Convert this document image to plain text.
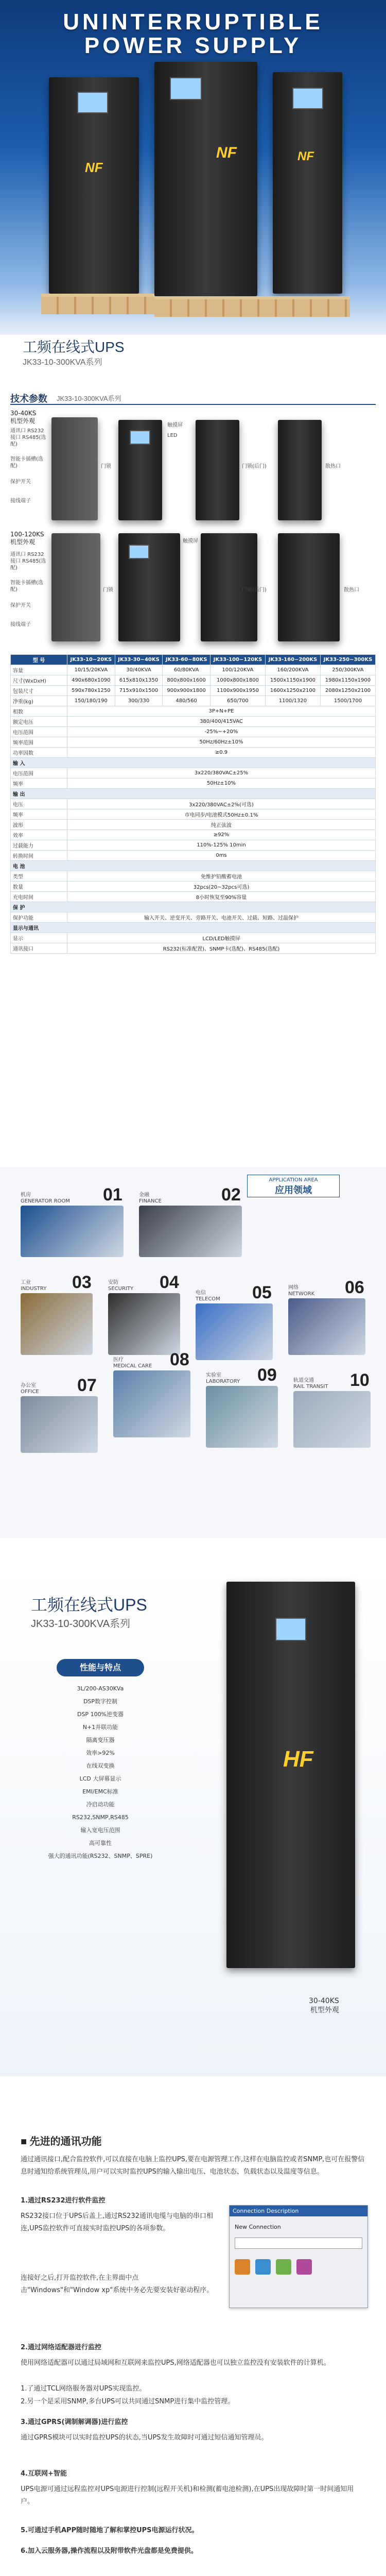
UNINTERRUPTIBLE
POWER SUPPLY
NF
NF	NF
工频在线式UPS
JK33-10-300KVA系列
技术参数 JK33-10-300KVA系列
30-40KS
机型外观
通讯口 RS232接口 RS485(选配)
智能卡插槽(选配)
保护开关
接线端子
触摸屏
LED
门锁	门锁(后门)	散热口
100-120KS
机型外观
通讯口 RS232接口 RS485(选配)
智能卡插槽(选配)
保护开关
接线端子
触摸屏
门锁	门锁(后门)	散热口
型 号	JK33-10~20KS	JK33-30~40KS	JK33-60~80KS	JK33-100~120KS	JK33-160~200KS	JK33-250~300KS
容量	10/15/20KVA	30/40KVA	60/80KVA	100/120KVA	160/200KVA	250/300KVA
尺寸(WxDxH)	490x680x1090	615x810x1350	800x800x1600	1000x800x1800	1500x1150x1900	1980x1150x1900
包装尺寸	590x780x1250	715x910x1500	900x900x1800	1100x900x1950	1600x1250x2100	2080x1250x2100
净重(kg)	150/180/190	300/330	480/560	650/700	1100/1320	1500/1700
相数	3P+N+PE					
额定电压	380/400/415VAC					
电压范围	-25%~+20%					
频率范围	50Hz/60Hz±10%					
功率因数	≥0.9					
输 入						
电压范围	3x220/380VAC±25%					
频率	50Hz±10%					
输 出						
电压	3x220/380VAC±2%(可选)					
频率	市电同步/电池模式50Hz±0.1%					
波形	纯正弦波					
效率	≥92%					
过载能力	110%-125% 10min					
转换时间	0ms					
电 池						
类型	免维护铅酸蓄电池					
数量	32pcs(20~32pcs可选)					
充电时间	8小时恢复至90%容量					
保 护						
保护功能	输入开关、逆变开关、旁路开关、电池开关、过载、短路、过温保护					
显示与通讯						
显示	LCD/LED触摸屏					
通讯接口	RS232(标准配置)、SNMP卡(选配)、RS485(选配)					
APPLICATION AREA
应用领域
01
机房
GENERATOR ROOM	02
金融
FINANCE
03
工业
INDUSTRY	04
安防
SECURITY	05
电信
TELECOM
06
网络
NETWORK
07
办公室
OFFICE
08
医疗
MEDICAL CARE	09
实验室
LABORATORY	10
轨道交通
RAIL TRANSIT
工频在线式UPS
JK33-10-300KVA系列
性能与特点
3L/200-AS30KVa
DSP数字控制
DSP 100%逆变器
N+1并联功能
隔离变压器
效率>92%
在线双变换
LCD 大屏幕显示
EMI/EMC标准
冷启动功能
RS232,SNMP,RS485
输入宽电压范围
高可靠性
强大的通讯功能(RS232、SNMP、SPRE)
HF
30-40KS
机型外观
■ 先进的通讯功能
通过通讯接口,配合监控软件,可以直接在电脑上监控UPS,要在电源管理工作,这样在电脑监控或者SNMP,也可在报警信息时通知给系统管理员,用户可以实时监控UPS的输入输出电压、电池状态、负载状态以及温度等信息。
1.通过RS232进行软件监控
RS232接口位于UPS后盖上,通过RS232通讯电缆与电脑的串口相连,UPS监控软件可直接实时监控UPS的各项参数。
连接好之后,打开监控软件,在主界面中点击"Windows"和"Window xp"系统中务必先要安装好驱动程序。
Connection Description
New Connection
2.通过网络适配器进行监控
使用网络适配器可以通过局域网和互联网来监控UPS,网络适配器也可以独立监控没有安装软件的计算机。
1.了通过TCL网络服务器对UPS实现监控。
2.另一个是采用SNMP,多台UPS可以共同通过SNMP进行集中监控管理。
3.通过GPRS(调制解调器)进行监控
通过GPRS模块可以实时监控UPS的状态,当UPS发生故障时可通过短信通知管理员。
4.互联网+智能
UPS电源可通过远程监控对UPS电源进行控制(远程开关机)和检测(蓄电池检测),在UPS出现故障时第一时间通知用户。
5.可通过手机APP随时随地了解和掌控UPS电源运行状况。
6.加入云服务器,操作流程以及附带软件光盘都是免费提供。
